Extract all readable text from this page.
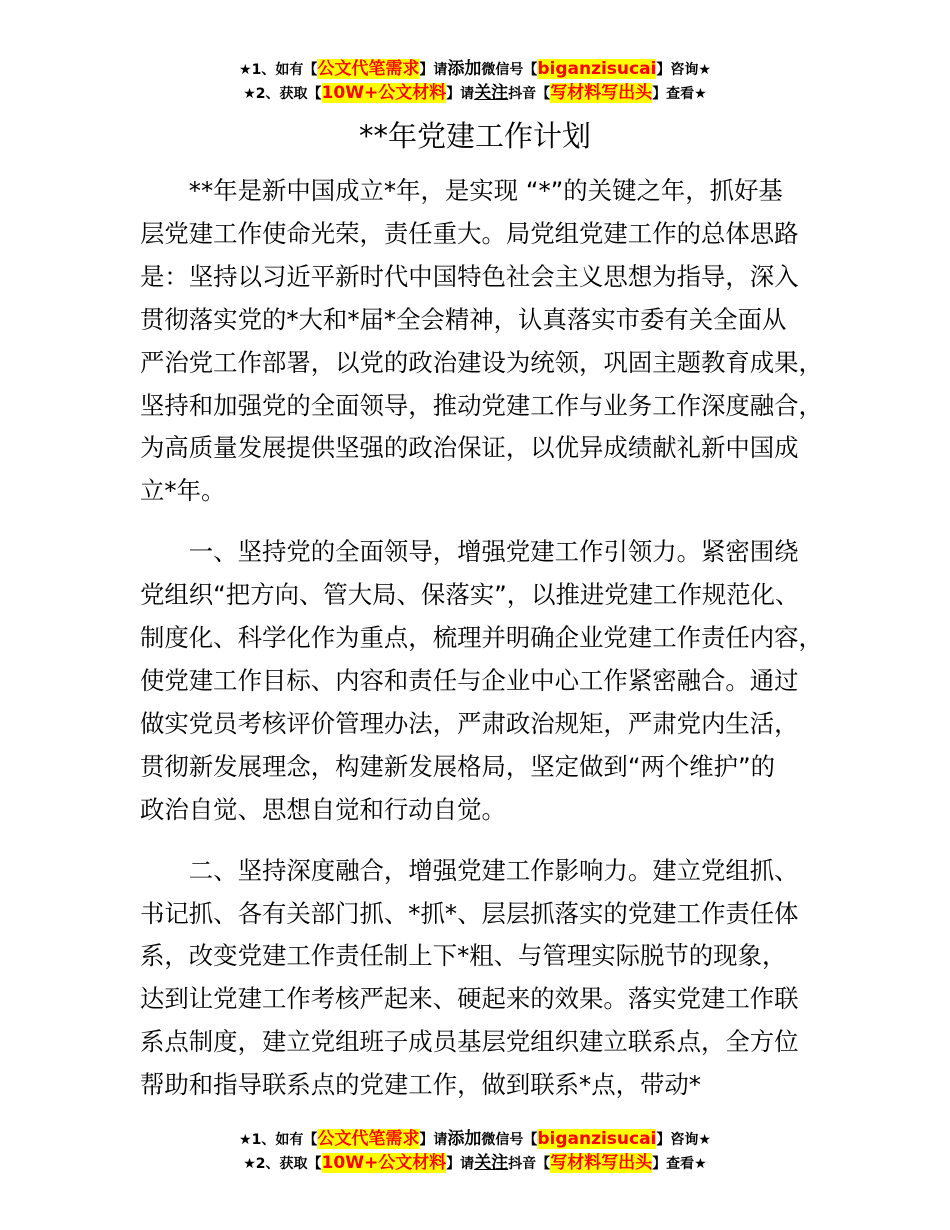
★1、如有【公文代笔需求】请添加微信号【biganzisucai】咨询★
★2、获取【10W+公文材料】请关注抖音【写材料写出头】查看★
**年党建工作计划

**年是新中国成立*年，是实现 “*”的关键之年，抓好基
层党建工作使命光荣，责任重大。局党组党建工作的总体思路
是：坚持以习近平新时代中国特色社会主义思想为指导，深入
贯彻落实党的*大和*届*全会精神，认真落实市委有关全面从
严治党工作部署，以党的政治建设为统领，巩固主题教育成果，
坚持和加强党的全面领导，推动党建工作与业务工作深度融合，
为高质量发展提供坚强的政治保证，以优异成绩献礼新中国成
立*年。

一、坚持党的全面领导，增强党建工作引领力。紧密围绕
党组织“把方向、管大局、保落实”，以推进党建工作规范化、
制度化、科学化作为重点，梳理并明确企业党建工作责任内容，
使党建工作目标、内容和责任与企业中心工作紧密融合。通过
做实党员考核评价管理办法，严肃政治规矩，严肃党内生活，
贯彻新发展理念，构建新发展格局，坚定做到“两个维护”的
政治自觉、思想自觉和行动自觉。

二、坚持深度融合，增强党建工作影响力。建立党组抓、
书记抓、各有关部门抓、*抓*、层层抓落实的党建工作责任体
系，改变党建工作责任制上下*粗、与管理实际脱节的现象，
达到让党建工作考核严起来、硬起来的效果。落实党建工作联
系点制度，建立党组班子成员基层党组织建立联系点，全方位
帮助和指导联系点的党建工作，做到联系*点，带动*

★1、如有【公文代笔需求】请添加微信号【biganzisucai】咨询★
★2、获取【10W+公文材料】请关注抖音【写材料写出头】查看★
